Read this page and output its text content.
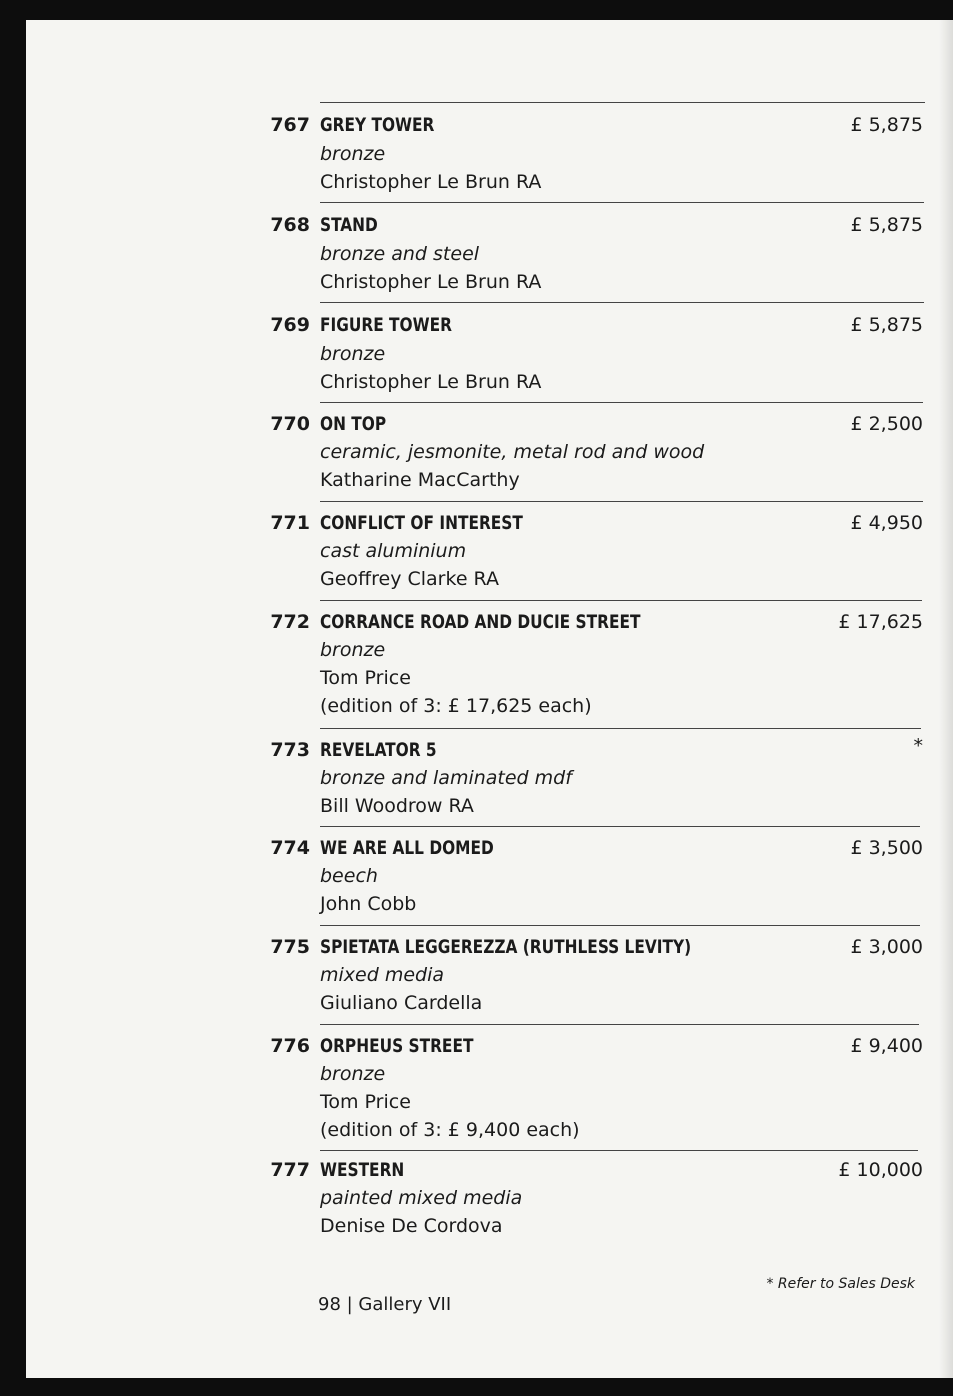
767 GREY TOWER
bronze
Christopher Le Brun RA
£ 5,875
768 STAND
bronze and steel
Christopher Le Brun RA
£ 5,875
769 FIGURE TOWER
bronze
Christopher Le Brun RA
£ 5,875
770 ON TOP
ceramic, jesmonite, metal rod and wood
Katharine MacCarthy
£ 2,500
771 CONFLICT OF INTEREST
cast aluminium
Geoffrey Clarke RA
£ 4,950
772 CORRANCE ROAD AND DUCIE STREET
bronze
Tom Price
(edition of 3: £ 17,625 each)
£ 17,625
773 REVELATOR 5
bronze and laminated mdf
Bill Woodrow RA
*
774 WE ARE ALL DOMED
beech
John Cobb
£ 3,500
775 SPIETATA LEGGEREZZA (RUTHLESS LEVITY)
mixed media
Giuliano Cardella
£ 3,000
776 ORPHEUS STREET
bronze
Tom Price
(edition of 3: £ 9,400 each)
£ 9,400
777 WESTERN
painted mixed media
Denise De Cordova
£ 10,000
* Refer to Sales Desk
98 | Gallery VII
